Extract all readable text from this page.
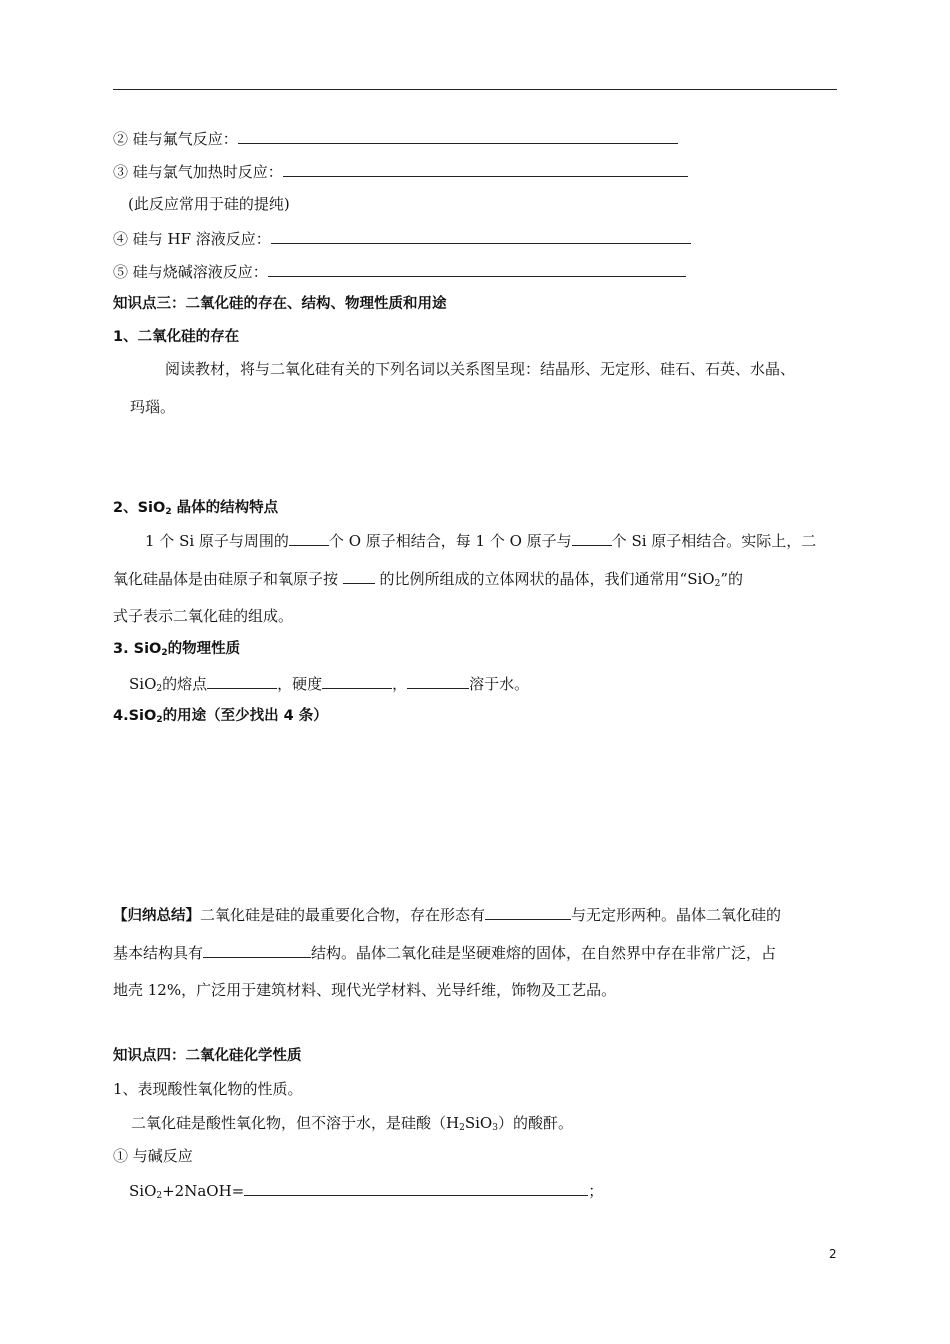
② 硅与氟气反应：
③ 硅与氯气加热时反应：
(此反应常用于硅的提纯)
④ 硅与 HF 溶液反应：
⑤ 硅与烧碱溶液反应：
知识点三：二氧化硅的存在、结构、物理性质和用途
1、二氧化硅的存在
阅读教材，将与二氧化硅有关的下列名词以关系图呈现：结晶形、无定形、硅石、石英、水晶、
玛瑙。
2、SiO$_2$ 晶体的结构特点
1 个 Si 原子与周围的	个 O 原子相结合，每 1 个 O 原子与	个 Si 原子相结合。实际上，二
氧化硅晶体是由硅原子和氧原子按  的比例所组成的立体网状的晶体，我们通常用“SiO$_2$”的
式子表示二氧化硅的组成。
3. SiO$_2$的物理性质
SiO$_2$的熔点	，硬度	，	溶于水。
4.SiO$_2$的用途（至少找出 4 条）
【归纳总结】二氧化硅是硅的最重要化合物，存在形态有	与无定形两种。晶体二氧化硅的
基本结构具有	结构。晶体二氧化硅是坚硬难熔的固体，在自然界中存在非常广泛，占
地壳 12%，广泛用于建筑材料、现代光学材料、光导纤维，饰物及工艺品。
知识点四：二氧化硅化学性质
1、表现酸性氧化物的性质。
二氧化硅是酸性氧化物，但不溶于水，是硅酸$(H_2SiO_3)$的酸酐。
① 与碱反应
SiO$_2$+2NaOH=	；
2
